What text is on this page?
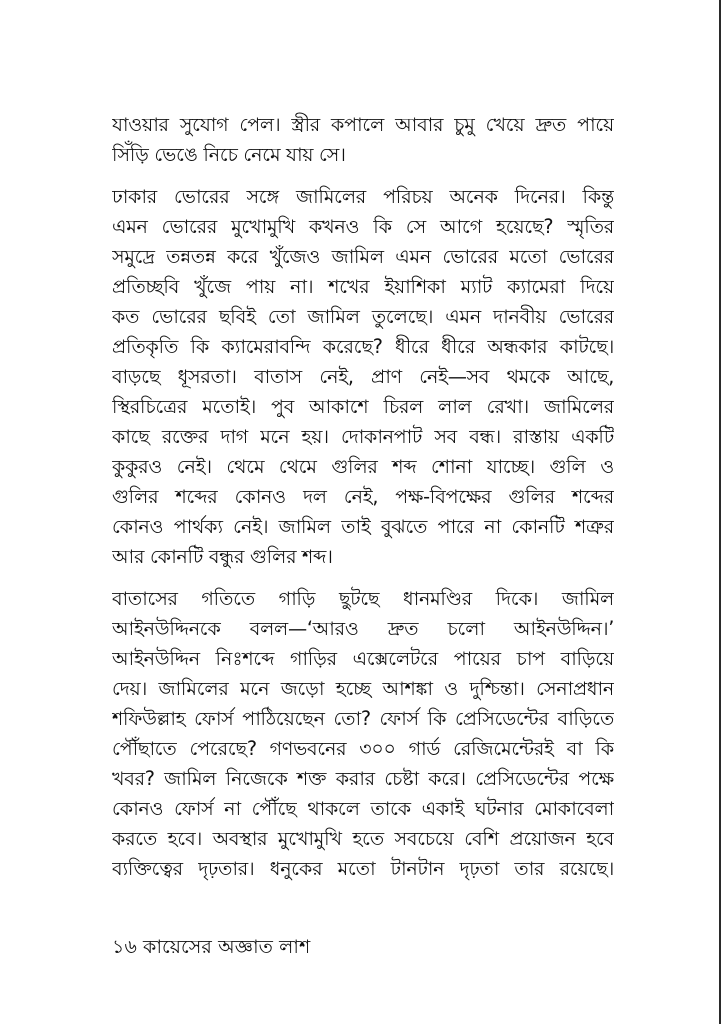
যাওয়ার সুযোগ পেল। স্ত্রীর কপালে আবার চুমু খেয়ে দ্রুত পায়ে
সিঁড়ি ভেঙে নিচে নেমে যায় সে।
ঢাকার ভোরের সঙ্গে জামিলের পরিচয় অনেক দিনের। কিন্তু
এমন ভোরের মুখোমুখি কখনও কি সে আগে হয়েছে? স্মৃতির
সমুদ্রে তন্নতন্ন করে খুঁজেও জামিল এমন ভোরের মতো ভোরের
প্রতিচ্ছবি খুঁজে পায় না। শখের ইয়াশিকা ম্যাট ক্যামেরা দিয়ে
কত ভোরের ছবিই তো জামিল তুলেছে। এমন দানবীয় ভোরের
প্রতিকৃতি কি ক্যামেরাবন্দি করেছে? ধীরে ধীরে অন্ধকার কাটছে।
বাড়ছে ধূসরতা। বাতাস নেই, প্রাণ নেই—সব থমকে আছে,
স্থিরচিত্রের মতোই। পুব আকাশে চিরল লাল রেখা। জামিলের
কাছে রক্তের দাগ মনে হয়। দোকানপাট সব বন্ধ। রাস্তায় একটি
কুকুরও নেই। থেমে থেমে গুলির শব্দ শোনা যাচ্ছে। গুলি ও
গুলির শব্দের কোনও দল নেই, পক্ষ-বিপক্ষের গুলির শব্দের
কোনও পার্থক্য নেই। জামিল তাই বুঝতে পারে না কোনটি শত্রুর
আর কোনটি বন্ধুর গুলির শব্দ।
বাতাসের গতিতে গাড়ি ছুটছে ধানমণ্ডির দিকে। জামিল
আইনউদ্দিনকে বলল—‘আরও দ্রুত চলো আইনউদ্দিন।’
আইনউদ্দিন নিঃশব্দে গাড়ির এক্সেলেটরে পায়ের চাপ বাড়িয়ে
দেয়। জামিলের মনে জড়ো হচ্ছে আশঙ্কা ও দুশ্চিন্তা। সেনাপ্রধান
শফিউল্লাহ ফোর্স পাঠিয়েছেন তো? ফোর্স কি প্রেসিডেন্টের বাড়িতে
পৌঁছাতে পেরেছে? গণভবনের ৩০০ গার্ড রেজিমেন্টেরই বা কি
খবর? জামিল নিজেকে শক্ত করার চেষ্টা করে। প্রেসিডেন্টের পক্ষে
কোনও ফোর্স না পৌঁছে থাকলে তাকে একাই ঘটনার মোকাবেলা
করতে হবে। অবস্থার মুখোমুখি হতে সবচেয়ে বেশি প্রয়োজন হবে
ব্যক্তিত্বের দৃঢ়তার। ধনুকের মতো টানটান দৃঢ়তা তার রয়েছে।
১৬ কায়েসের অজ্ঞাত লাশ
